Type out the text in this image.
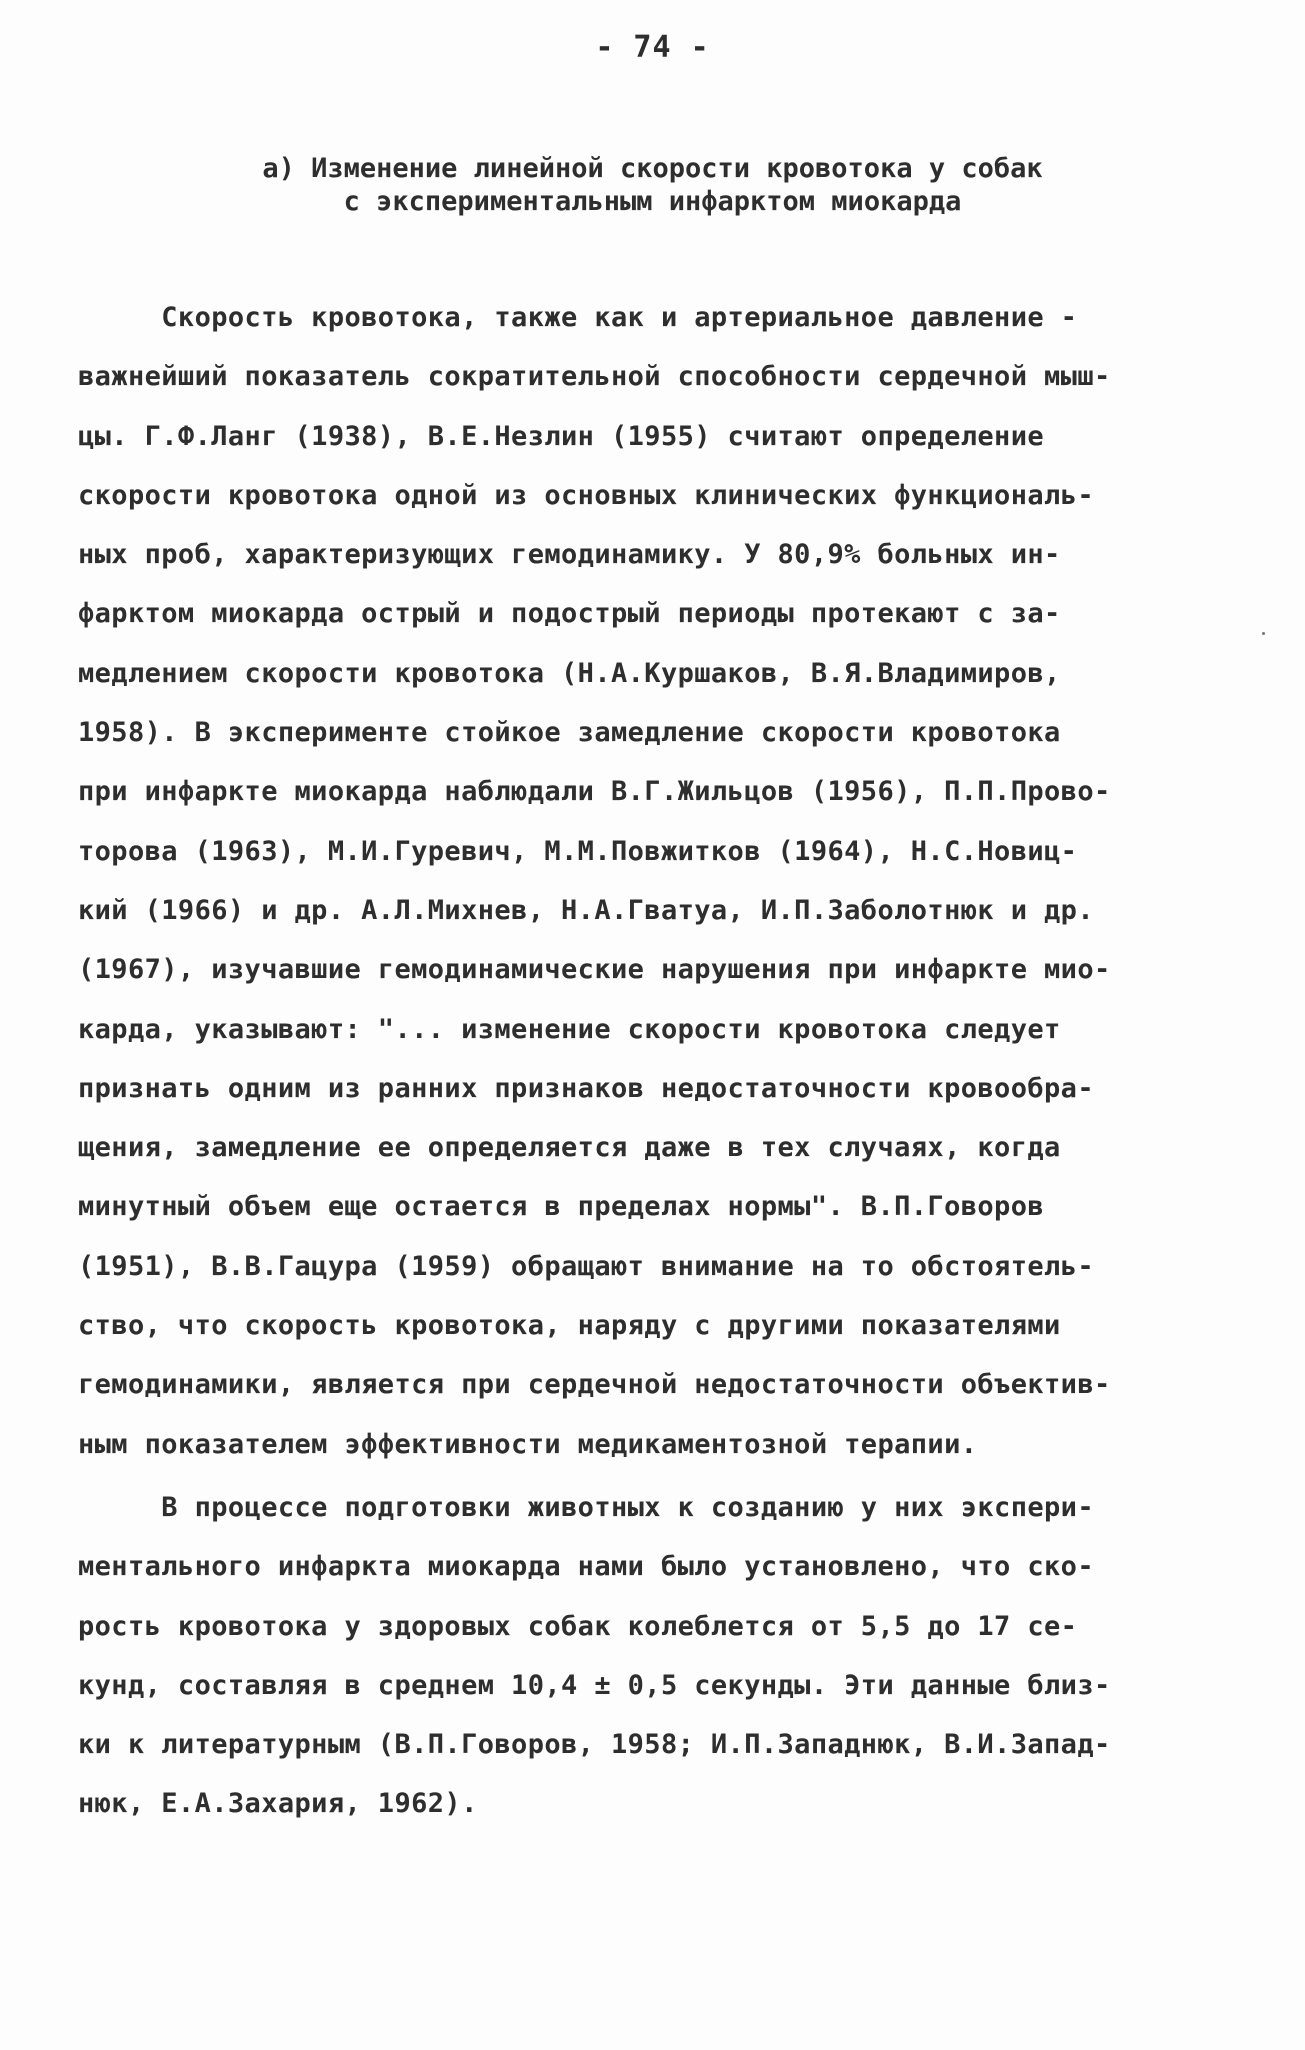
- 74 -
а) Изменение линейной скорости кровотока у собак
с экспериментальным инфарктом миокарда
Скорость кровотока, также как и артериальное давление -
важнейший показатель сократительной способности сердечной мыш-
цы. Г.Ф.Ланг (1938), В.Е.Незлин (1955) считают определение
скорости кровотока одной из основных клинических функциональ-
ных проб, характеризующих гемодинамику. У 80,9% больных ин-
фарктом миокарда острый и подострый периоды протекают с за-
медлением скорости кровотока (Н.А.Куршаков, В.Я.Владимиров,
1958). В эксперименте стойкое замедление скорости кровотока
при инфаркте миокарда наблюдали В.Г.Жильцов (1956), П.П.Прово-
торова (1963), М.И.Гуревич, М.М.Повжитков (1964), Н.С.Новиц-
кий (1966) и др. А.Л.Михнев, Н.А.Гватуа, И.П.Заболотнюк и др.
(1967), изучавшие гемодинамические нарушения при инфаркте мио-
карда, указывают: "... изменение скорости кровотока следует
признать одним из ранних признаков недостаточности кровообра-
щения, замедление ее определяется даже в тех случаях, когда
минутный объем еще остается в пределах нормы". В.П.Говоров
(1951), В.В.Гацура (1959) обращают внимание на то обстоятель-
ство, что скорость кровотока, наряду с другими показателями
гемодинамики, является при сердечной недостаточности объектив-
ным показателем эффективности медикаментозной терапии.
В процессе подготовки животных к созданию у них экспери-
ментального инфаркта миокарда нами было установлено, что ско-
рость кровотока у здоровых собак колеблется от 5,5 до 17 се-
кунд, составляя в среднем 10,4 ± 0,5 секунды. Эти данные близ-
ки к литературным (В.П.Говоров, 1958; И.П.Западнюк, В.И.Запад-
нюк, Е.А.Захария, 1962).
